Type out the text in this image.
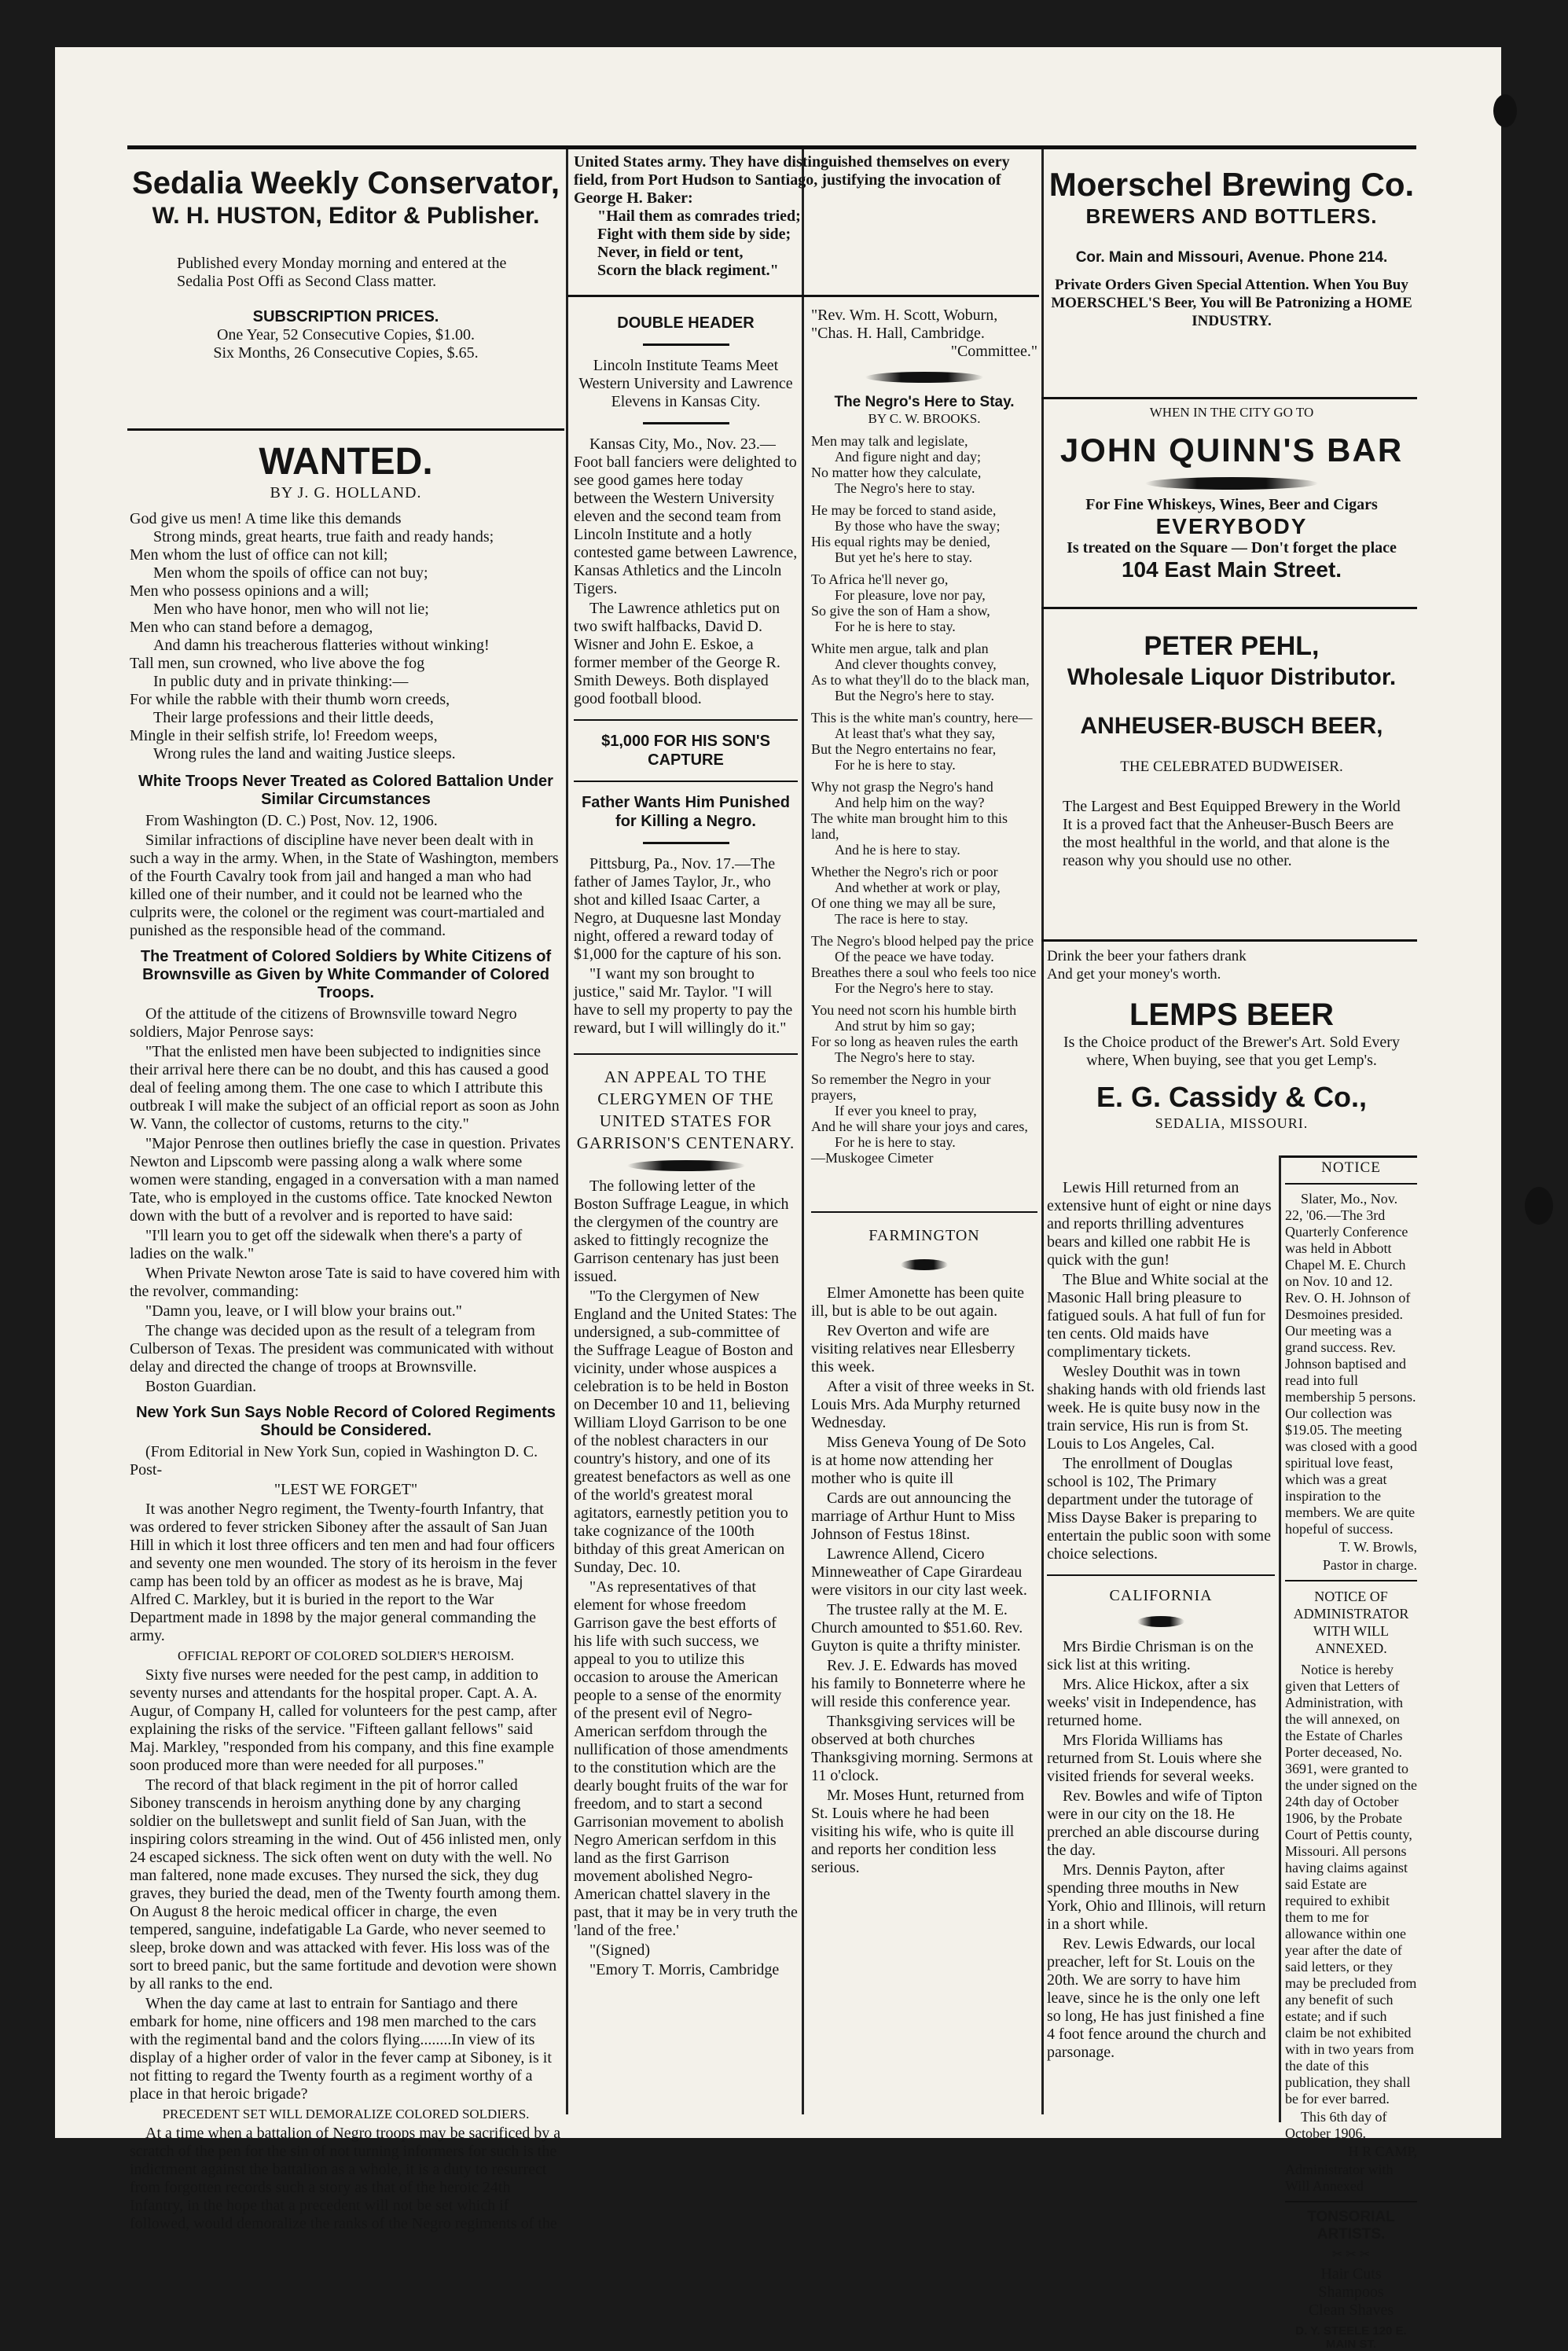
Sedalia Weekly Conservator,
W. H. HUSTON, Editor & Publisher.
Published every Monday morning and entered at the Sedalia Post Offi as Second Class matter.
SUBSCRIPTION PRICES.
One Year, 52 Consecutive Copies, $1.00.
Six Months, 26 Consecutive Copies, $.65.
WANTED.
BY J. G. HOLLAND.

God give us men! A time like this demands

Strong minds, great hearts, true faith and ready hands;

Men whom the lust of office can not kill;

Men whom the spoils of office can not buy;

Men who possess opinions and a will;

Men who have honor, men who will not lie;

Men who can stand before a demagog,

And damn his treacherous flatteries without winking!

Tall men, sun crowned, who live above the fog

In public duty and in private thinking:—

For while the rabble with their thumb worn creeds,

Their large professions and their little deeds,

Mingle in their selfish strife, lo! Freedom weeps,

Wrong rules the land and waiting Justice sleeps.

White Troops Never Treated as Colored Battalion Under Similar Circumstances

From Washington (D. C.) Post, Nov. 12, 1906.

Similar infractions of discipline have never been dealt with in such a way in the army. When, in the State of Washington, members of the Fourth Cavalry took from jail and hanged a man who had killed one of their number, and it could not be learned who the culprits were, the colonel or the regiment was court-martialed and punished as the responsible head of the command.

The Treatment of Colored Soldiers by White Citizens of Brownsville as Given by White Commander of Colored Troops.

Of the attitude of the citizens of Brownsville toward Negro soldiers, Major Penrose says:

"That the enlisted men have been subjected to indignities since their arrival here there can be no doubt, and this has caused a good deal of feeling among them. The one case to which I attribute this outbreak I will make the subject of an official report as soon as John W. Vann, the collector of customs, returns to the city."

"Major Penrose then outlines briefly the case in question. Privates Newton and Lipscomb were passing along a walk where some women were standing, engaged in a conversation with a man named Tate, who is employed in the customs office. Tate knocked Newton down with the butt of a revolver and is reported to have said:

"I'll learn you to get off the sidewalk when there's a party of ladies on the walk."

When Private Newton arose Tate is said to have covered him with the revolver, commanding:

"Damn you, leave, or I will blow your brains out."

The change was decided upon as the result of a telegram from Culberson of Texas. The president was communicated with without delay and directed the change of troops at Brownsville.

Boston Guardian.

New York Sun Says Noble Record of Colored Regiments Should be Considered.

(From Editorial in New York Sun, copied in Washington D. C. Post-

"LEST WE FORGET"

It was another Negro regiment, the Twenty-fourth Infantry, that was ordered to fever stricken Siboney after the assault of San Juan Hill in which it lost three officers and ten men and had four officers and seventy one men wounded. The story of its heroism in the fever camp has been told by an officer as modest as he is brave, Maj Alfred C. Markley, but it is buried in the report to the War Department made in 1898 by the major general commanding the army.

OFFICIAL REPORT OF COLORED SOLDIER'S HEROISM.

Sixty five nurses were needed for the pest camp, in addition to seventy nurses and attendants for the hospital proper. Capt. A. A. Augur, of Company H, called for volunteers for the pest camp, after explaining the risks of the service. "Fifteen gallant fellows" said Maj. Markley, "responded from his company, and this fine example soon produced more than were needed for all purposes."

The record of that black regiment in the pit of horror called Siboney transcends in heroism anything done by any charging soldier on the bulletswept and sunlit field of San Juan, with the inspiring colors streaming in the wind. Out of 456 inlisted men, only 24 escaped sickness. The sick often went on duty with the well. No man faltered, none made excuses. They nursed the sick, they dug graves, they buried the dead, men of the Twenty fourth among them. On August 8 the heroic medical officer in charge, the even tempered, sanguine, indefatigable La Garde, who never seemed to sleep, broke down and was attacked with fever. His loss was of the sort to breed panic, but the same fortitude and devotion were shown by all ranks to the end.

When the day came at last to entrain for Santiago and there embark for home, nine officers and 198 men marched to the cars with the regimental band and the colors flying........In view of its display of a higher order of valor in the fever camp at Siboney, is it not fitting to regard the Twenty fourth as a regiment worthy of a place in that heroic brigade?

PRECEDENT SET WILL DEMORALIZE COLORED SOLDIERS.

At a time when a battalion of Negro troops may be sacrificed by a scratch of the pen for the sin of not turning informers for such is the indictment against the battalion as a whole, it is a duty to resurrect from forgotten records such a story as that of the heroic 24th Infantry, in the hope that a precedent will not be set which if followed, would demoralize the ranks of the Negro regiments of the

United States army. They have distinguished themselves on every field, from Port Hudson to Santiago, justifying the invocation of George H. Baker:

"Hail them as comrades tried;

Fight with them side by side;

Never, in field or tent,

Scorn the black regiment."

DOUBLE HEADER
Lincoln Institute Teams Meet Western University and Lawrence Elevens in Kansas City.

Kansas City, Mo., Nov. 23.—Foot ball fanciers were delighted to see good games here today between the Western University eleven and the second team from Lincoln Institute and a hotly contested game between Lawrence, Kansas Athletics and the Lincoln Tigers.

The Lawrence athletics put on two swift halfbacks, David D. Wisner and John E. Eskoe, a former member of the George R. Smith Deweys. Both displayed good football blood.

$1,000 FOR HIS SON'S CAPTURE
Father Wants Him Punished for Killing a Negro.

Pittsburg, Pa., Nov. 17.—The father of James Taylor, Jr., who shot and killed Isaac Carter, a Negro, at Duquesne last Monday night, offered a reward today of $1,000 for the capture of his son.

"I want my son brought to justice," said Mr. Taylor. "I will have to sell my property to pay the reward, but I will willingly do it."

AN APPEAL TO THE CLERGYMEN OF THE UNITED STATES FOR GARRISON'S CENTENARY.

The following letter of the Boston Suffrage League, in which the clergymen of the country are asked to fittingly recognize the Garrison centenary has just been issued.

"To the Clergymen of New England and the United States: The undersigned, a sub-committee of the Suffrage League of Boston and vicinity, under whose auspices a celebration is to be held in Boston on December 10 and 11, believing William Lloyd Garrison to be one of the noblest characters in our country's history, and one of its greatest benefactors as well as one of the world's greatest moral agitators, earnestly petition you to take cognizance of the 100th bithday of this great American on Sunday, Dec. 10.

"As representatives of that element for whose freedom Garrison gave the best efforts of his life with such success, we appeal to you to utilize this occasion to arouse the American people to a sense of the enormity of the present evil of Negro-American serfdom through the nullification of those amendments to the constitution which are the dearly bought fruits of the war for freedom, and to start a second Garrisonian movement to abolish Negro American serfdom in this land as the first Garrison movement abolished Negro-American chattel slavery in the past, that it may be in very truth the 'land of the free.'

"(Signed)

"Emory T. Morris, Cambridge

"Rev. Wm. H. Scott, Woburn,

"Chas. H. Hall, Cambridge.

"Committee."

The Negro's Here to Stay.
BY C. W. BROOKS.

Men may talk and legislate,

And figure night and day;

No matter how they calculate,

The Negro's here to stay.

He may be forced to stand aside,

By those who have the sway;

His equal rights may be denied,

But yet he's here to stay.

To Africa he'll never go,

For pleasure, love nor pay,

So give the son of Ham a show,

For he is here to stay.

White men argue, talk and plan

And clever thoughts convey,

As to what they'll do to the black man,

But the Negro's here to stay.

This is the white man's country, here—

At least that's what they say,

But the Negro entertains no fear,

For he is here to stay.

Why not grasp the Negro's hand

And help him on the way?

The white man brought him to this land,

And he is here to stay.

Whether the Negro's rich or poor

And whether at work or play,

Of one thing we may all be sure,

The race is here to stay.

The Negro's blood helped pay the price

Of the peace we have today.

Breathes there a soul who feels too nice

For the Negro's here to stay.

You need not scorn his humble birth

And strut by him so gay;

For so long as heaven rules the earth

The Negro's here to stay.

So remember the Negro in your prayers,

If ever you kneel to pray,

And he will share your joys and cares,

For he is here to stay.

—Muskogee Cimeter

FARMINGTON

Elmer Amonette has been quite ill, but is able to be out again.

Rev Overton and wife are visiting relatives near Ellesberry this week.

After a visit of three weeks in St. Louis Mrs. Ada Murphy returned Wednesday.

Miss Geneva Young of De Soto is at home now attending her mother who is quite ill

Cards are out announcing the marriage of Arthur Hunt to Miss Johnson of Festus 18inst.

Lawrence Allend, Cicero Minneweather of Cape Girardeau were visitors in our city last week.

The trustee rally at the M. E. Church amounted to $51.60. Rev. Guyton is quite a thrifty minister.

Rev. J. E. Edwards has moved his family to Bonneterre where he will reside this conference year.

Thanksgiving services will be observed at both churches Thanksgiving morning. Sermons at 11 o'clock.

Mr. Moses Hunt, returned from St. Louis where he had been visiting his wife, who is quite ill and reports her condition less serious.

Lewis Hill returned from an extensive hunt of eight or nine days and reports thrilling adventures bears and killed one rabbit He is quick with the gun!

The Blue and White social at the Masonic Hall bring pleasure to fatigued souls. A hat full of fun for ten cents. Old maids have complimentary tickets.

Wesley Douthit was in town shaking hands with old friends last week. He is quite busy now in the train service, His run is from St. Louis to Los Angeles, Cal.

The enrollment of Douglas school is 102, The Primary department under the tutorage of Miss Dayse Baker is preparing to entertain the public soon with some choice selections.

CALIFORNIA

Mrs Birdie Chrisman is on the sick list at this writing.

Mrs. Alice Hickox, after a six weeks' visit in Independence, has returned home.

Mrs Florida Williams has returned from St. Louis where she visited friends for several weeks.

Rev. Bowles and wife of Tipton were in our city on the 18. He prerched an able discourse during the day.

Mrs. Dennis Payton, after spending three mouths in New York, Ohio and Illinois, will return in a short while.

Rev. Lewis Edwards, our local preacher, left for St. Louis on the 20th. We are sorry to have him leave, since he is the only one left so long, He has just finished a fine 4 foot fence around the church and parsonage.

Moerschel Brewing Co.
BREWERS AND BOTTLERS.
Cor. Main and Missouri, Avenue. Phone 214.
Private Orders Given Special Attention. When You Buy MOERSCHEL'S Beer, You will Be Patronizing a HOME INDUSTRY.
WHEN IN THE CITY GO TO
JOHN QUINN'S BAR
For Fine Whiskeys, Wines, Beer and Cigars
EVERYBODY
Is treated on the Square — Don't forget the place
104 East Main Street.
PETER PEHL,
Wholesale Liquor Distributor.
ANHEUSER-BUSCH BEER,
THE CELEBRATED BUDWEISER.
The Largest and Best Equipped Brewery in the World It is a proved fact that the Anheuser-Busch Beers are the most healthful in the world, and that alone is the reason why you should use no other.
Drink the beer your fathers drank
And get your money's worth.
LEMPS BEER
Is the Choice product of the Brewer's Art. Sold Every where, When buying, see that you get Lemp's.
E. G. Cassidy & Co.,
SEDALIA, MISSOURI.
NOTICE

Slater, Mo., Nov. 22, '06.—The 3rd Quarterly Conference was held in Abbott Chapel M. E. Church on Nov. 10 and 12. Rev. O. H. Johnson of Desmoines presided. Our meeting was a grand success. Rev. Johnson baptised and read into full membership 5 persons. Our collection was $19.05. The meeting was closed with a good spiritual love feast, which was a great inspiration to the members. We are quite hopeful of success.

T. W. Browls,

Pastor in charge.

NOTICE OF ADMINISTRATOR WITH WILL ANNEXED.

Notice is hereby given that Letters of Administration, with the will annexed, on the Estate of Charles Porter deceased, No. 3691, were granted to the under signed on the 24th day of October 1906, by the Probate Court of Pettis county, Missouri. All persons having claims against said Estate are required to exhibit them to me for allowance within one year after the date of said letters, or they may be precluded from any benefit of such estate; and if such claim be not exhibited with in two years from the date of this publication, they shall be for ever barred.

This 6th day of October 1906.

H R CAMP,

Administrator with Will Annexed

TONSORIAL ARTISTS.
✂ ✂ ✂
Hair Cuts
Shampoos
Clean Shaves
D. Y. STEELE 120 E. MAIN ST.
